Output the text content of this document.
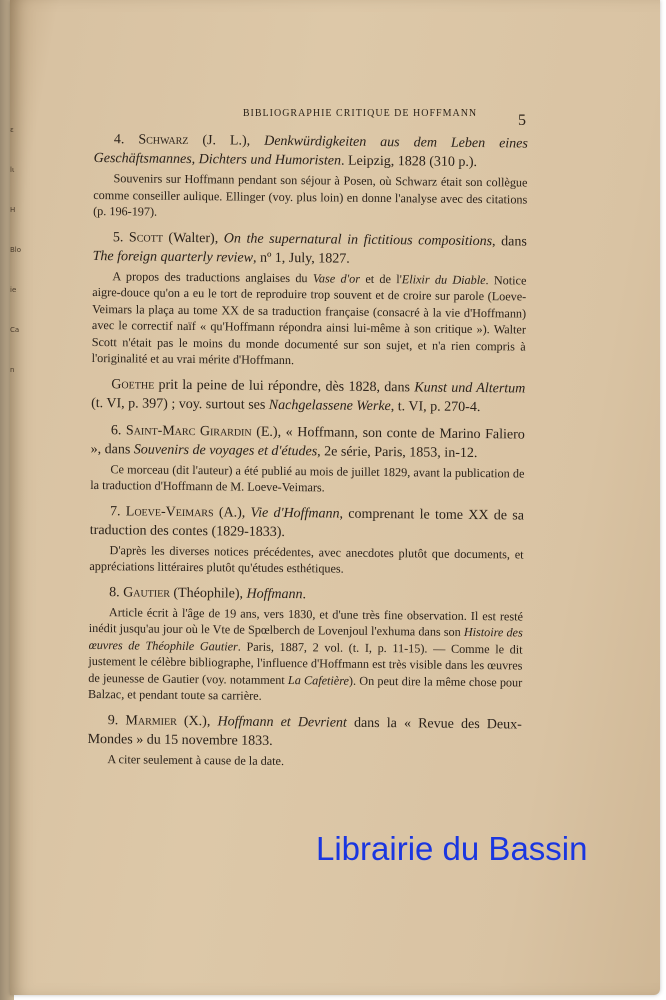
ε
lι
H
Blo
ie
Ca
n
BIBLIOGRAPHIE CRITIQUE DE HOFFMANN	5

4. Schwarz (J. L.), Denkwürdigkeiten aus dem Leben eines Geschäftsmannes, Dichters und Humoristen. Leipzig, 1828 (310 p.).

Souvenirs sur Hoffmann pendant son séjour à Posen, où Schwarz était son collègue comme conseiller aulique. Ellinger (voy. plus loin) en donne l'analyse avec des citations (p. 196-197).

5. Scott (Walter), On the supernatural in fictitious compositions, dans The foreign quarterly review, nº 1, July, 1827.

A propos des traductions anglaises du Vase d'or et de l'Elixir du Diable. Notice aigre-douce qu'on a eu le tort de reproduire trop souvent et de croire sur parole (Loeve-Veimars la plaça au tome XX de sa traduction française (consacré à la vie d'Hoffmann) avec le correctif naïf « qu'Hoffmann répondra ainsi lui-même à son critique »). Walter Scott n'était pas le moins du monde documenté sur son sujet, et n'a rien compris à l'originalité et au vrai mérite d'Hoffmann.

Goethe prit la peine de lui répondre, dès 1828, dans Kunst und Altertum (t. VI, p. 397) ; voy. surtout ses Nachgelassene Werke, t. VI, p. 270-4.

6. Saint-Marc Girardin (E.), « Hoffmann, son conte de Marino Faliero », dans Souvenirs de voyages et d'études, 2e série, Paris, 1853, in-12.

Ce morceau (dit l'auteur) a été publié au mois de juillet 1829, avant la publication de la traduction d'Hoffmann de M. Loeve-Veimars.

7. Loeve-Veimars (A.), Vie d'Hoffmann, comprenant le tome XX de sa traduction des contes (1829-1833).

D'après les diverses notices précédentes, avec anecdotes plutôt que documents, et appréciations littéraires plutôt qu'études esthétiques.

8. Gautier (Théophile), Hoffmann.

Article écrit à l'âge de 19 ans, vers 1830, et d'une très fine observation. Il est resté inédit jusqu'au jour où le Vte de Spœlberch de Lovenjoul l'exhuma dans son Histoire des œuvres de Théophile Gautier. Paris, 1887, 2 vol. (t. I, p. 11-15). — Comme le dit justement le célèbre bibliographe, l'influence d'Hoffmann est très visible dans les œuvres de jeunesse de Gautier (voy. notamment La Cafetière). On peut dire la même chose pour Balzac, et pendant toute sa carrière.

9. Marmier (X.), Hoffmann et Devrient dans la « Revue des Deux-Mondes » du 15 novembre 1833.

A citer seulement à cause de la date.

Librairie du Bassin
